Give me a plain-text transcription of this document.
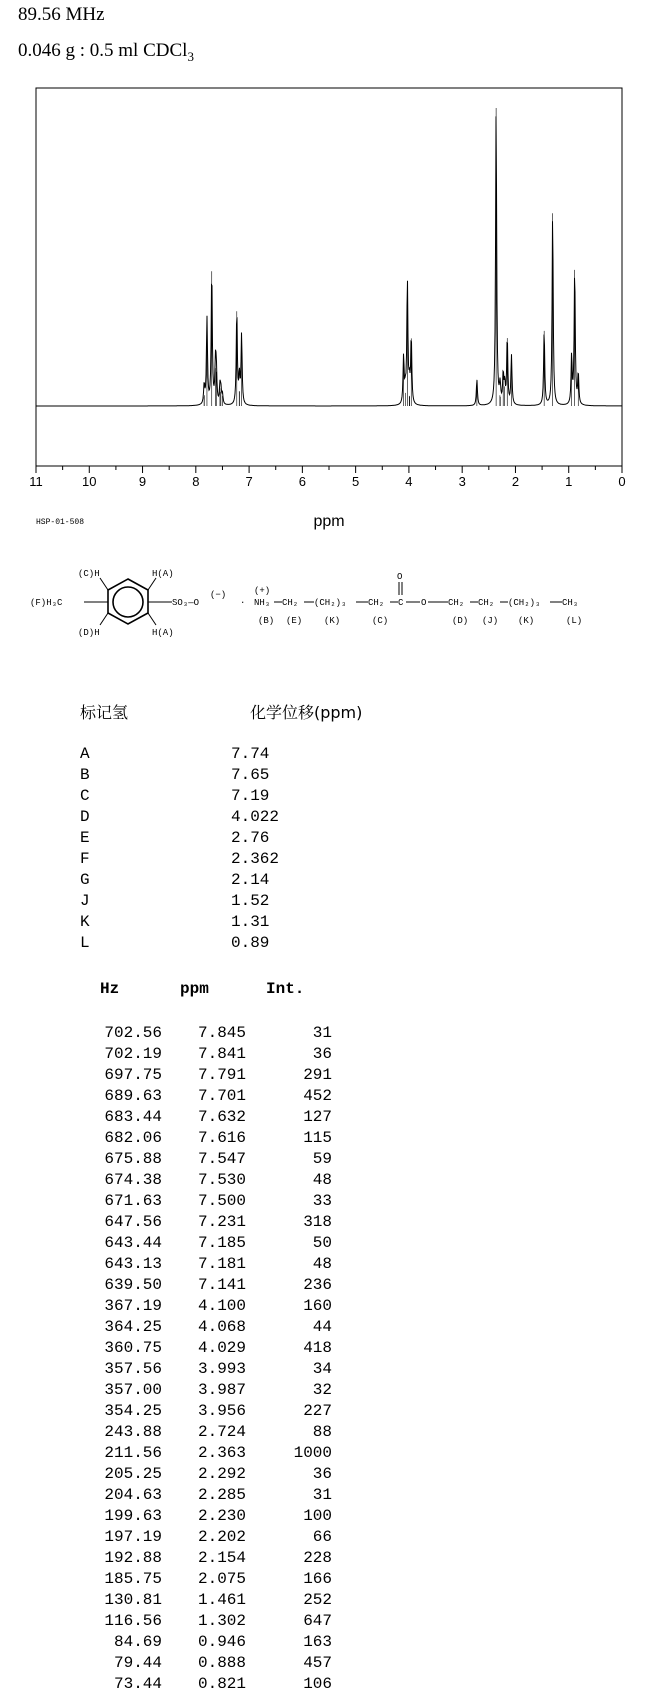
89.56 MHz
0.046 g : 0.5 ml CDCl$_3$
11	10	9	8	7	6	5	4	3	2	1	0
ppm
HSP-01-508
(C)H	H(A)
(D)H	H(A)
(F)H₃C	SO₃—O
(−)
·
(+)
NH₃ CH₂ (CH₂)₃ CH₂ C
O
O CH₂ CH₂ (CH₂)₃ CH₃
(B) (E) (K)	(C)	(D) (J) (K)	(L)
标记氢	化学位移(ppm)
A	7.74
B	7.65
C	7.19
D	4.022
E	2.76
F	2.362
G	2.14
J	1.52
K	1.31
L	0.89
Hz	ppm	Int.
702.56	7.845	31
702.19	7.841	36
697.75	7.791	291
689.63	7.701	452
683.44	7.632	127
682.06	7.616	115
675.88	7.547	59
674.38	7.530	48
671.63	7.500	33
647.56	7.231	318
643.44	7.185	50
643.13	7.181	48
639.50	7.141	236
367.19	4.100	160
364.25	4.068	44
360.75	4.029	418
357.56	3.993	34
357.00	3.987	32
354.25	3.956	227
243.88	2.724	88
211.56	2.363	1000
205.25	2.292	36
204.63	2.285	31
199.63	2.230	100
197.19	2.202	66
192.88	2.154	228
185.75	2.075	166
130.81	1.461	252
116.56	1.302	647
84.69	0.946	163
79.44	0.888	457
73.44	0.821	106
